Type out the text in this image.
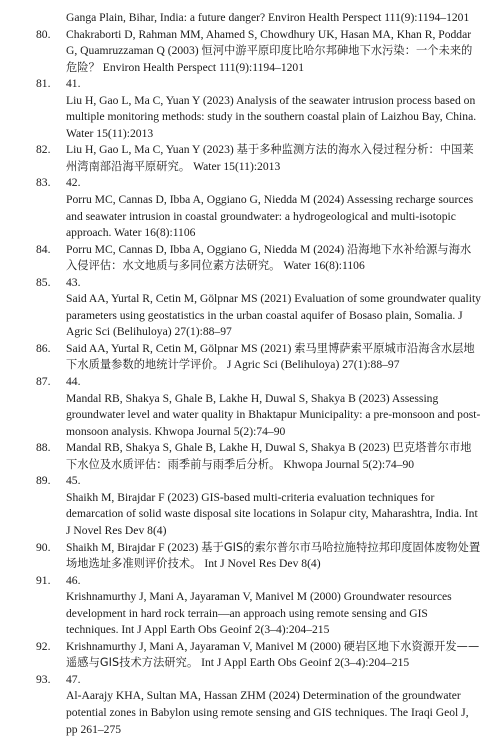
Ganga Plain, Bihar, India: a future danger? Environ Health Perspect 111(9):1194–1201

80.	Chakraborti D, Rahman MM, Ahamed S, Chowdhury UK, Hasan MA, Khan R, Poddar G, Quamruzzaman Q (2003) 恒河中游平原印度比哈尔邦砷地下水污染：一个未来的危险？ Environ Health Perspect 111(9):1194–1201

81.	41.

Liu H, Gao L, Ma C, Yuan Y (2023) Analysis of the seawater intrusion process based on multiple monitoring methods: study in the southern coastal plain of Laizhou Bay, China. Water 15(11):2013

82.	Liu H, Gao L, Ma C, Yuan Y (2023) 基于多种监测方法的海水入侵过程分析：中国莱州湾南部沿海平原研究。 Water 15(11):2013

83.	42.

Porru MC, Cannas D, Ibba A, Oggiano G, Niedda M (2024) Assessing recharge sources and seawater intrusion in coastal groundwater: a hydrogeological and multi-isotopic approach. Water 16(8):1106

84.	Porru MC, Cannas D, Ibba A, Oggiano G, Niedda M (2024) 沿海地下水补给源与海水入侵评估：水文地质与多同位素方法研究。 Water 16(8):1106

85.	43.

Said AA, Yurtal R, Cetin M, Gölpnar MS (2021) Evaluation of some groundwater quality parameters using geostatistics in the urban coastal aquifer of Bosaso plain, Somalia. J Agric Sci (Belihuloya) 27(1):88–97

86.	Said AA, Yurtal R, Cetin M, Gölpnar MS (2021) 索马里博萨索平原城市沿海含水层地下水质量参数的地统计学评价。 J Agric Sci (Belihuloya) 27(1):88–97

87.	44.

Mandal RB, Shakya S, Ghale B, Lakhe H, Duwal S, Shakya B (2023) Assessing groundwater level and water quality in Bhaktapur Municipality: a pre-monsoon and post-monsoon analysis. Khwopa Journal 5(2):74–90

88.	Mandal RB, Shakya S, Ghale B, Lakhe H, Duwal S, Shakya B (2023) 巴克塔普尔市地下水位及水质评估：雨季前与雨季后分析。 Khwopa Journal 5(2):74–90

89.	45.

Shaikh M, Birajdar F (2023) GIS-based multi-criteria evaluation techniques for demarcation of solid waste disposal site locations in Solapur city, Maharashtra, India. Int J Novel Res Dev 8(4)

90.	Shaikh M, Birajdar F (2023) 基于GIS的索尔普尔市马哈拉施特拉邦印度固体废物处置场地选址多准则评价技术。 Int J Novel Res Dev 8(4)

91.	46.

Krishnamurthy J, Mani A, Jayaraman V, Manivel M (2000) Groundwater resources development in hard rock terrain—an approach using remote sensing and GIS techniques. Int J Appl Earth Obs Geoinf 2(3–4):204–215

92.	Krishnamurthy J, Mani A, Jayaraman V, Manivel M (2000) 硬岩区地下水资源开发——遥感与GIS技术方法研究。 Int J Appl Earth Obs Geoinf 2(3–4):204–215

93.	47.

Al-Aarajy KHA, Sultan MA, Hassan ZHM (2024) Determination of the groundwater potential zones in Babylon using remote sensing and GIS techniques. The Iraqi Geol J, pp 261–275
